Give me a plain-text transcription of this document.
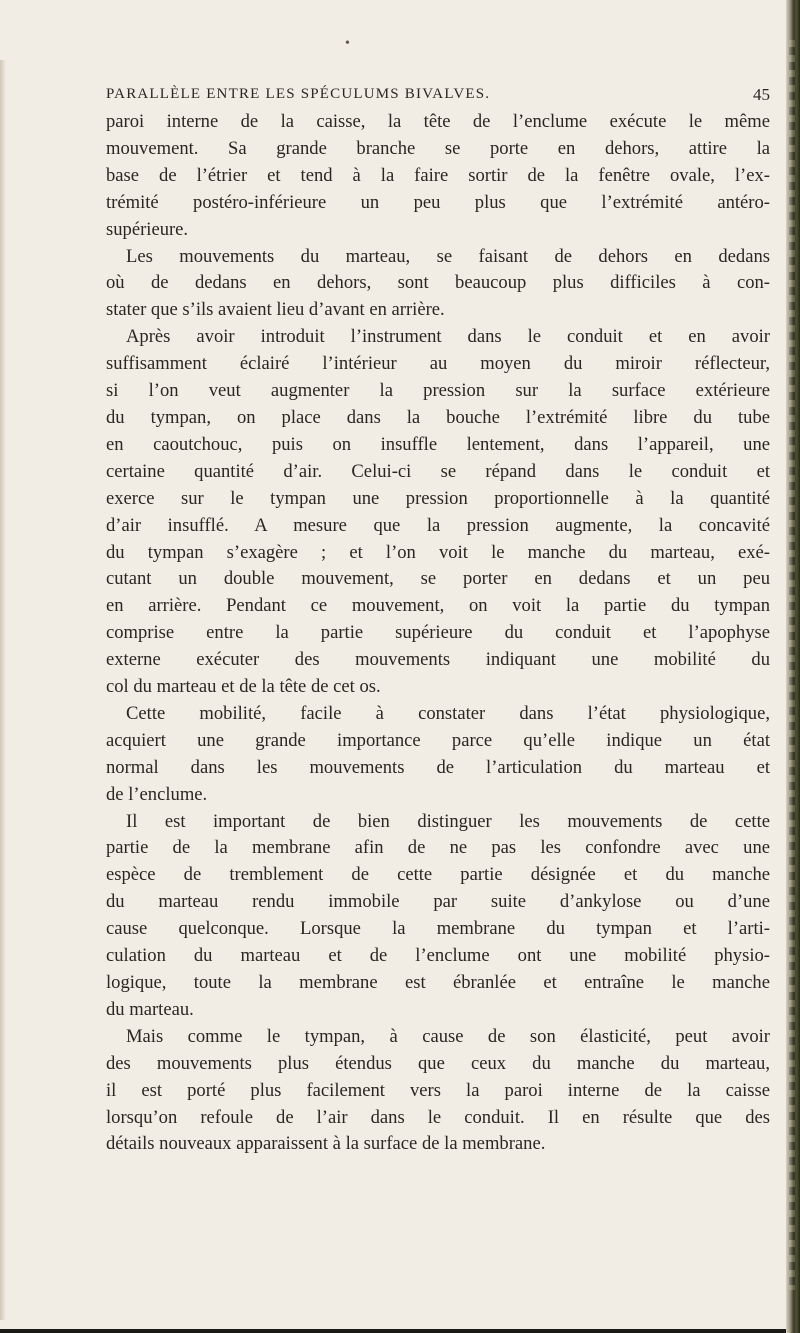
•
PARALLÈLE ENTRE LES SPÉCULUMS BIVALVES.	45

paroi interne de la caisse, la tête de l’enclume exécute le même
mouvement. Sa grande branche se porte en dehors, attire la
base de l’étrier et tend à la faire sortir de la fenêtre ovale, l’ex-
trémité postéro-inférieure un peu plus que l’extrémité antéro-
supérieure.

Les mouvements du marteau, se faisant de dehors en dedans
où de dedans en dehors, sont beaucoup plus difficiles à con-
stater que s’ils avaient lieu d’avant en arrière.

Après avoir introduit l’instrument dans le conduit et en avoir
suffisamment éclairé l’intérieur au moyen du miroir réflecteur,
si l’on veut augmenter la pression sur la surface extérieure
du tympan, on place dans la bouche l’extrémité libre du tube
en caoutchouc, puis on insuffle lentement, dans l’appareil, une
certaine quantité d’air. Celui-ci se répand dans le conduit et
exerce sur le tympan une pression proportionnelle à la quantité
d’air insufflé. A mesure que la pression augmente, la concavité
du tympan s’exagère ; et l’on voit le manche du marteau, exé-
cutant un double mouvement, se porter en dedans et un peu
en arrière. Pendant ce mouvement, on voit la partie du tympan
comprise entre la partie supérieure du conduit et l’apophyse
externe exécuter des mouvements indiquant une mobilité du
col du marteau et de la tête de cet os.

Cette mobilité, facile à constater dans l’état physiologique,
acquiert une grande importance parce qu’elle indique un état
normal dans les mouvements de l’articulation du marteau et
de l’enclume.

Il est important de bien distinguer les mouvements de cette
partie de la membrane afin de ne pas les confondre avec une
espèce de tremblement de cette partie désignée et du manche
du marteau rendu immobile par suite d’ankylose ou d’une
cause quelconque. Lorsque la membrane du tympan et l’arti-
culation du marteau et de l’enclume ont une mobilité physio-
logique, toute la membrane est ébranlée et entraîne le manche
du marteau.

Mais comme le tympan, à cause de son élasticité, peut avoir
des mouvements plus étendus que ceux du manche du marteau,
il est porté plus facilement vers la paroi interne de la caisse
lorsqu’on refoule de l’air dans le conduit. Il en résulte que des
détails nouveaux apparaissent à la surface de la membrane.
